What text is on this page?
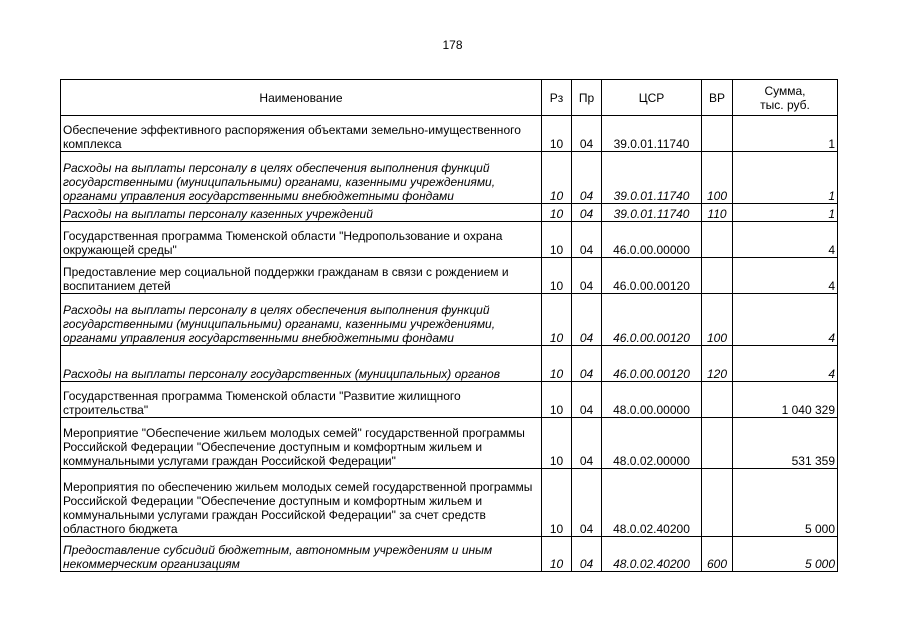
178
Наименование	Рз	Пр	ЦСР	ВР	Сумма,
тыс. руб.
Обеспечение эффективного распоряжения объектами земельно-имущественного комплекса	10	04	39.0.01.11740		1
Расходы на выплаты персоналу в целях обеспечения выполнения функций государственными (муниципальными) органами, казенными учреждениями, органами управления государственными внебюджетными фондами	10	04	39.0.01.11740	100	1
Расходы на выплаты персоналу казенных учреждений	10	04	39.0.01.11740	110	1
Государственная программа Тюменской области "Недропользование и охрана окружающей среды"	10	04	46.0.00.00000		4
Предоставление мер социальной поддержки гражданам в связи с рождением и воспитанием детей	10	04	46.0.00.00120		4
Расходы на выплаты персоналу в целях обеспечения выполнения функций государственными (муниципальными) органами, казенными учреждениями, органами управления государственными внебюджетными фондами	10	04	46.0.00.00120	100	4
Расходы на выплаты персоналу государственных (муниципальных) органов	10	04	46.0.00.00120	120	4
Государственная программа Тюменской области "Развитие жилищного строительства"	10	04	48.0.00.00000		1 040 329
Мероприятие "Обеспечение жильем молодых семей" государственной программы Российской Федерации "Обеспечение доступным и комфортным жильем и коммунальными услугами граждан Российской Федерации"	10	04	48.0.02.00000		531 359
Мероприятия по обеспечению жильем молодых семей государственной программы Российской Федерации "Обеспечение доступным и комфортным жильем и коммунальными услугами граждан Российской Федерации" за счет средств областного бюджета	10	04	48.0.02.40200		5 000
Предоставление субсидий бюджетным, автономным учреждениям и иным некоммерческим организациям	10	04	48.0.02.40200	600	5 000
